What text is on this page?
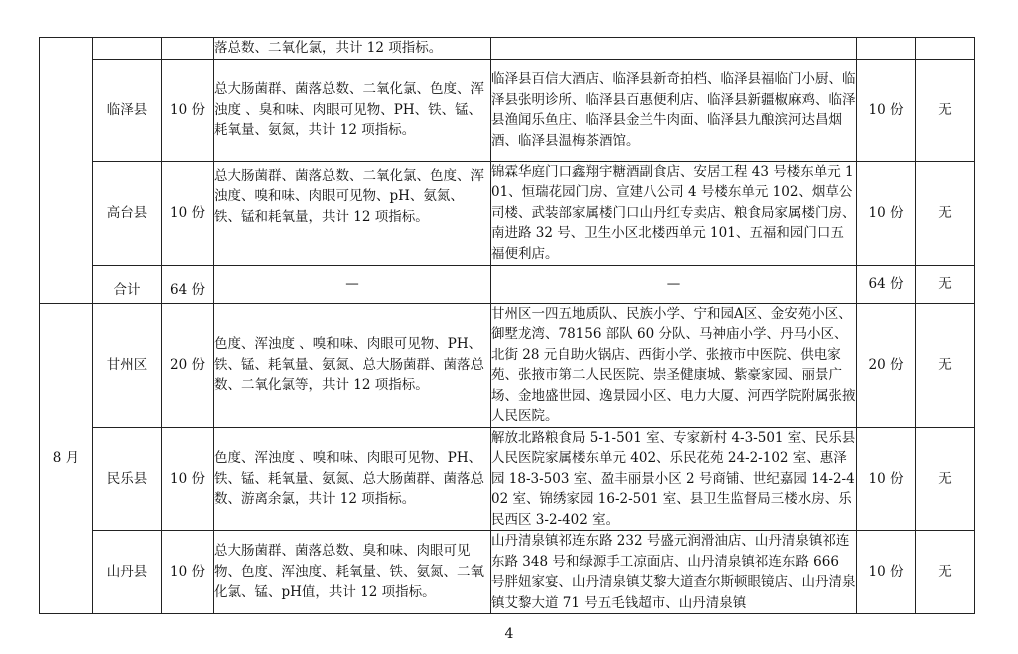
			落总数、二氧化氯，共计 12 项指标。			
	临泽县	10 份	总大肠菌群、菌落总数、二氧化氯、色度、浑浊度 、臭和味、肉眼可见物、PH、铁、锰、耗氧量、氨氮，共计 12 项指标。	临泽县百信大酒店、临泽县新奇拍档、临泽县福临门小厨、临泽县张明诊所、临泽县百惠便利店、临泽县新疆椒麻鸡、临泽县渔闻乐鱼庄、临泽县金兰牛肉面、临泽县九酿滨河达昌烟酒、临泽县温梅茶酒馆。	10 份	无
	高台县	10 份	总大肠菌群、菌落总数、二氧化氯、色度、浑浊度、嗅和味、肉眼可见物、pH、氨氮、铁、锰和耗氧量，共计 12 项指标。	锦霖华庭门口鑫翔宇糖酒副食店、安居工程 43 号楼东单元 101、恒瑞花园门房、宣建八公司 4 号楼东单元 102、烟草公司楼、武装部家属楼门口山丹红专卖店、粮食局家属楼门房、南进路 32 号、卫生小区北楼西单元 101、五福和园门口五福便利店。	10 份	无
	合计	64 份	—	—	64 份	无
8 月	甘州区	20 份	色度、浑浊度 、嗅和味、肉眼可见物、PH、铁、锰、耗氧量、氨氮、总大肠菌群、菌落总数、二氧化氯等，共计 12 项指标。	甘州区一四五地质队、民族小学、宁和园A区、金安苑小区、御墅龙湾、78156 部队 60 分队、马神庙小学、丹马小区、北街 28 元自助火锅店、西街小学、张掖市中医院、供电家苑、张掖市第二人民医院、崇圣健康城、紫豪家园、丽景广场、金地盛世园、逸景园小区、电力大厦、河西学院附属张掖人民医院。	20 份	无
	民乐县	10 份	色度、浑浊度 、嗅和味、肉眼可见物、PH、铁、锰、耗氧量、氨氮、总大肠菌群、菌落总数、游离余氯，共计 12 项指标。	解放北路粮食局 5-1-501 室、专家新村 4-3-501 室、民乐县人民医院家属楼东单元 402、乐民花苑 24-2-102 室、惠泽园 18-3-503 室、盈丰丽景小区 2 号商铺、世纪嘉园 14-2-402 室、锦绣家园 16-2-501 室、县卫生监督局三楼水房、乐民西区 3-2-402 室。	10 份	无
	山丹县	10 份	总大肠菌群、菌落总数、臭和味、肉眼可见物、色度、浑浊度、耗氧量、铁、氨氮、二氧化氯、锰、pH值，共计 12 项指标。	山丹清泉镇祁连东路 232 号盛元润滑油店、山丹清泉镇祁连东路 348 号和绿源手工凉面店、山丹清泉镇祁连东路 666 号胖妞家宴、山丹清泉镇艾黎大道查尔斯顿眼镜店、山丹清泉镇艾黎大道 71 号五毛钱超市、山丹清泉镇	10 份	无
4
